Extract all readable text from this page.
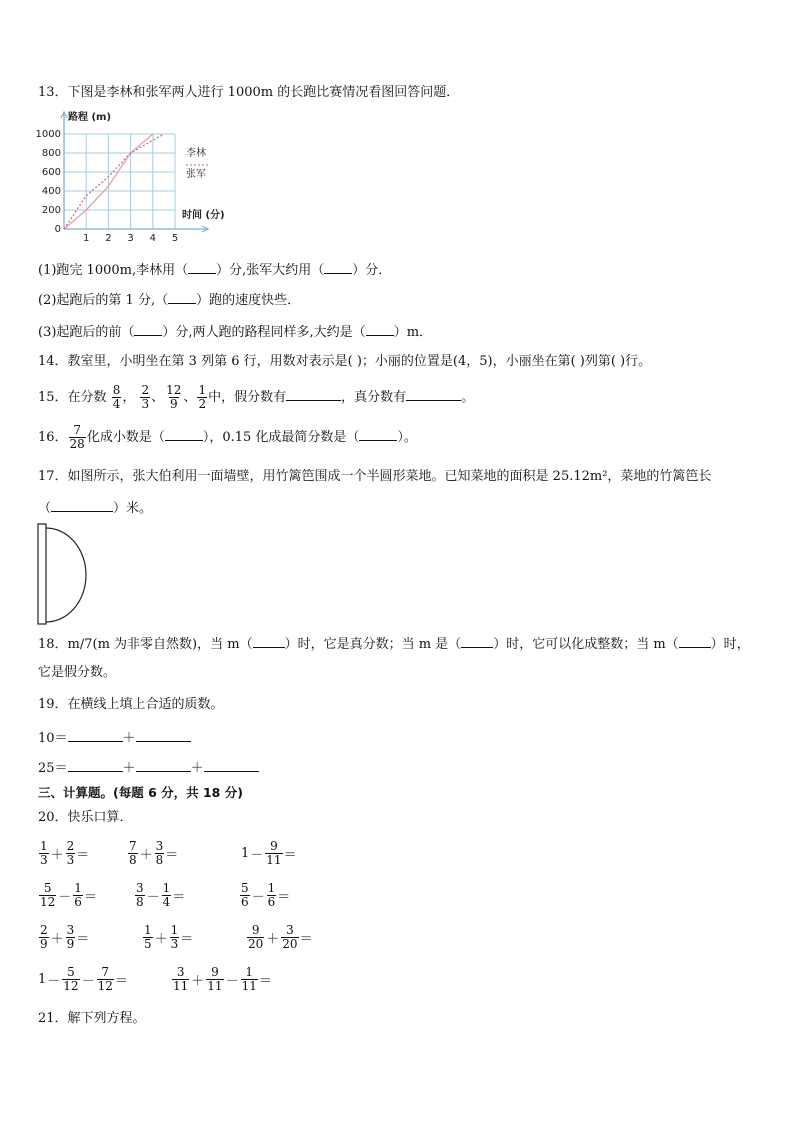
13．下图是李林和张军两人进行 1000m 的长跑比赛情况看图回答问题．
0
200
400
600
800
1000
1 2 3 4 5
路程 (m)
时间 (分)
李林
张军
(1)跑完 1000m,李林用（ ）分,张军大约用（ ）分．
(2)起跑后的第 1 分,（ ）跑的速度快些．
(3)起跑后的前（ ）分,两人跑的路程同样多,大约是（ ）m．
14．教室里，小明坐在第 3 列第 6 行，用数对表示是( )；小丽的位置是(4，5)，小丽坐在第( )列第( )行。
15．在分数 $\frac{8}{4}$ ， $\frac{2}{3}$ 、 $\frac{12}{9}$ 、 $\frac{1}{2}$ 中，假分数有	，真分数有	。
16． $\frac{7}{28}$ 化成小数是（	），0.15 化成最简分数是（	）。
17．如图所示，张大伯利用一面墙壁，用竹篱笆围成一个半圆形菜地。已知菜地的面积是 25.12m²，菜地的竹篱笆长
（	）米。
18．m/7(m 为非零自然数)，当 m（ ）时，它是真分数；当 m 是（ ）时，它可以化成整数；当 m（ ）时，
它是假分数。
19．在横线上填上合适的质数。
10＝	＋
25＝	＋	＋
三、计算题。(每题 6 分，共 18 分)
20．快乐口算．
$\frac{1}{3} + \frac{2}{3}$ ＝	$\frac{7}{8} + \frac{3}{8}$ ＝	$1 - \frac{9}{11}$ ＝
$\frac{5}{12} - \frac{1}{6}$ ＝	$\frac{3}{8} - \frac{1}{4}$ ＝	$\frac{5}{6} - \frac{1}{6}$ ＝
$\frac{2}{9} + \frac{3}{9}$ ＝	$\frac{1}{5} + \frac{1}{3}$ ＝	$\frac{9}{20} + \frac{3}{20}$ ＝
$1 - \frac{5}{12} - \frac{7}{12}$ ＝	$\frac{3}{11} + \frac{9}{11} - \frac{1}{11}$ ＝
21．解下列方程。
